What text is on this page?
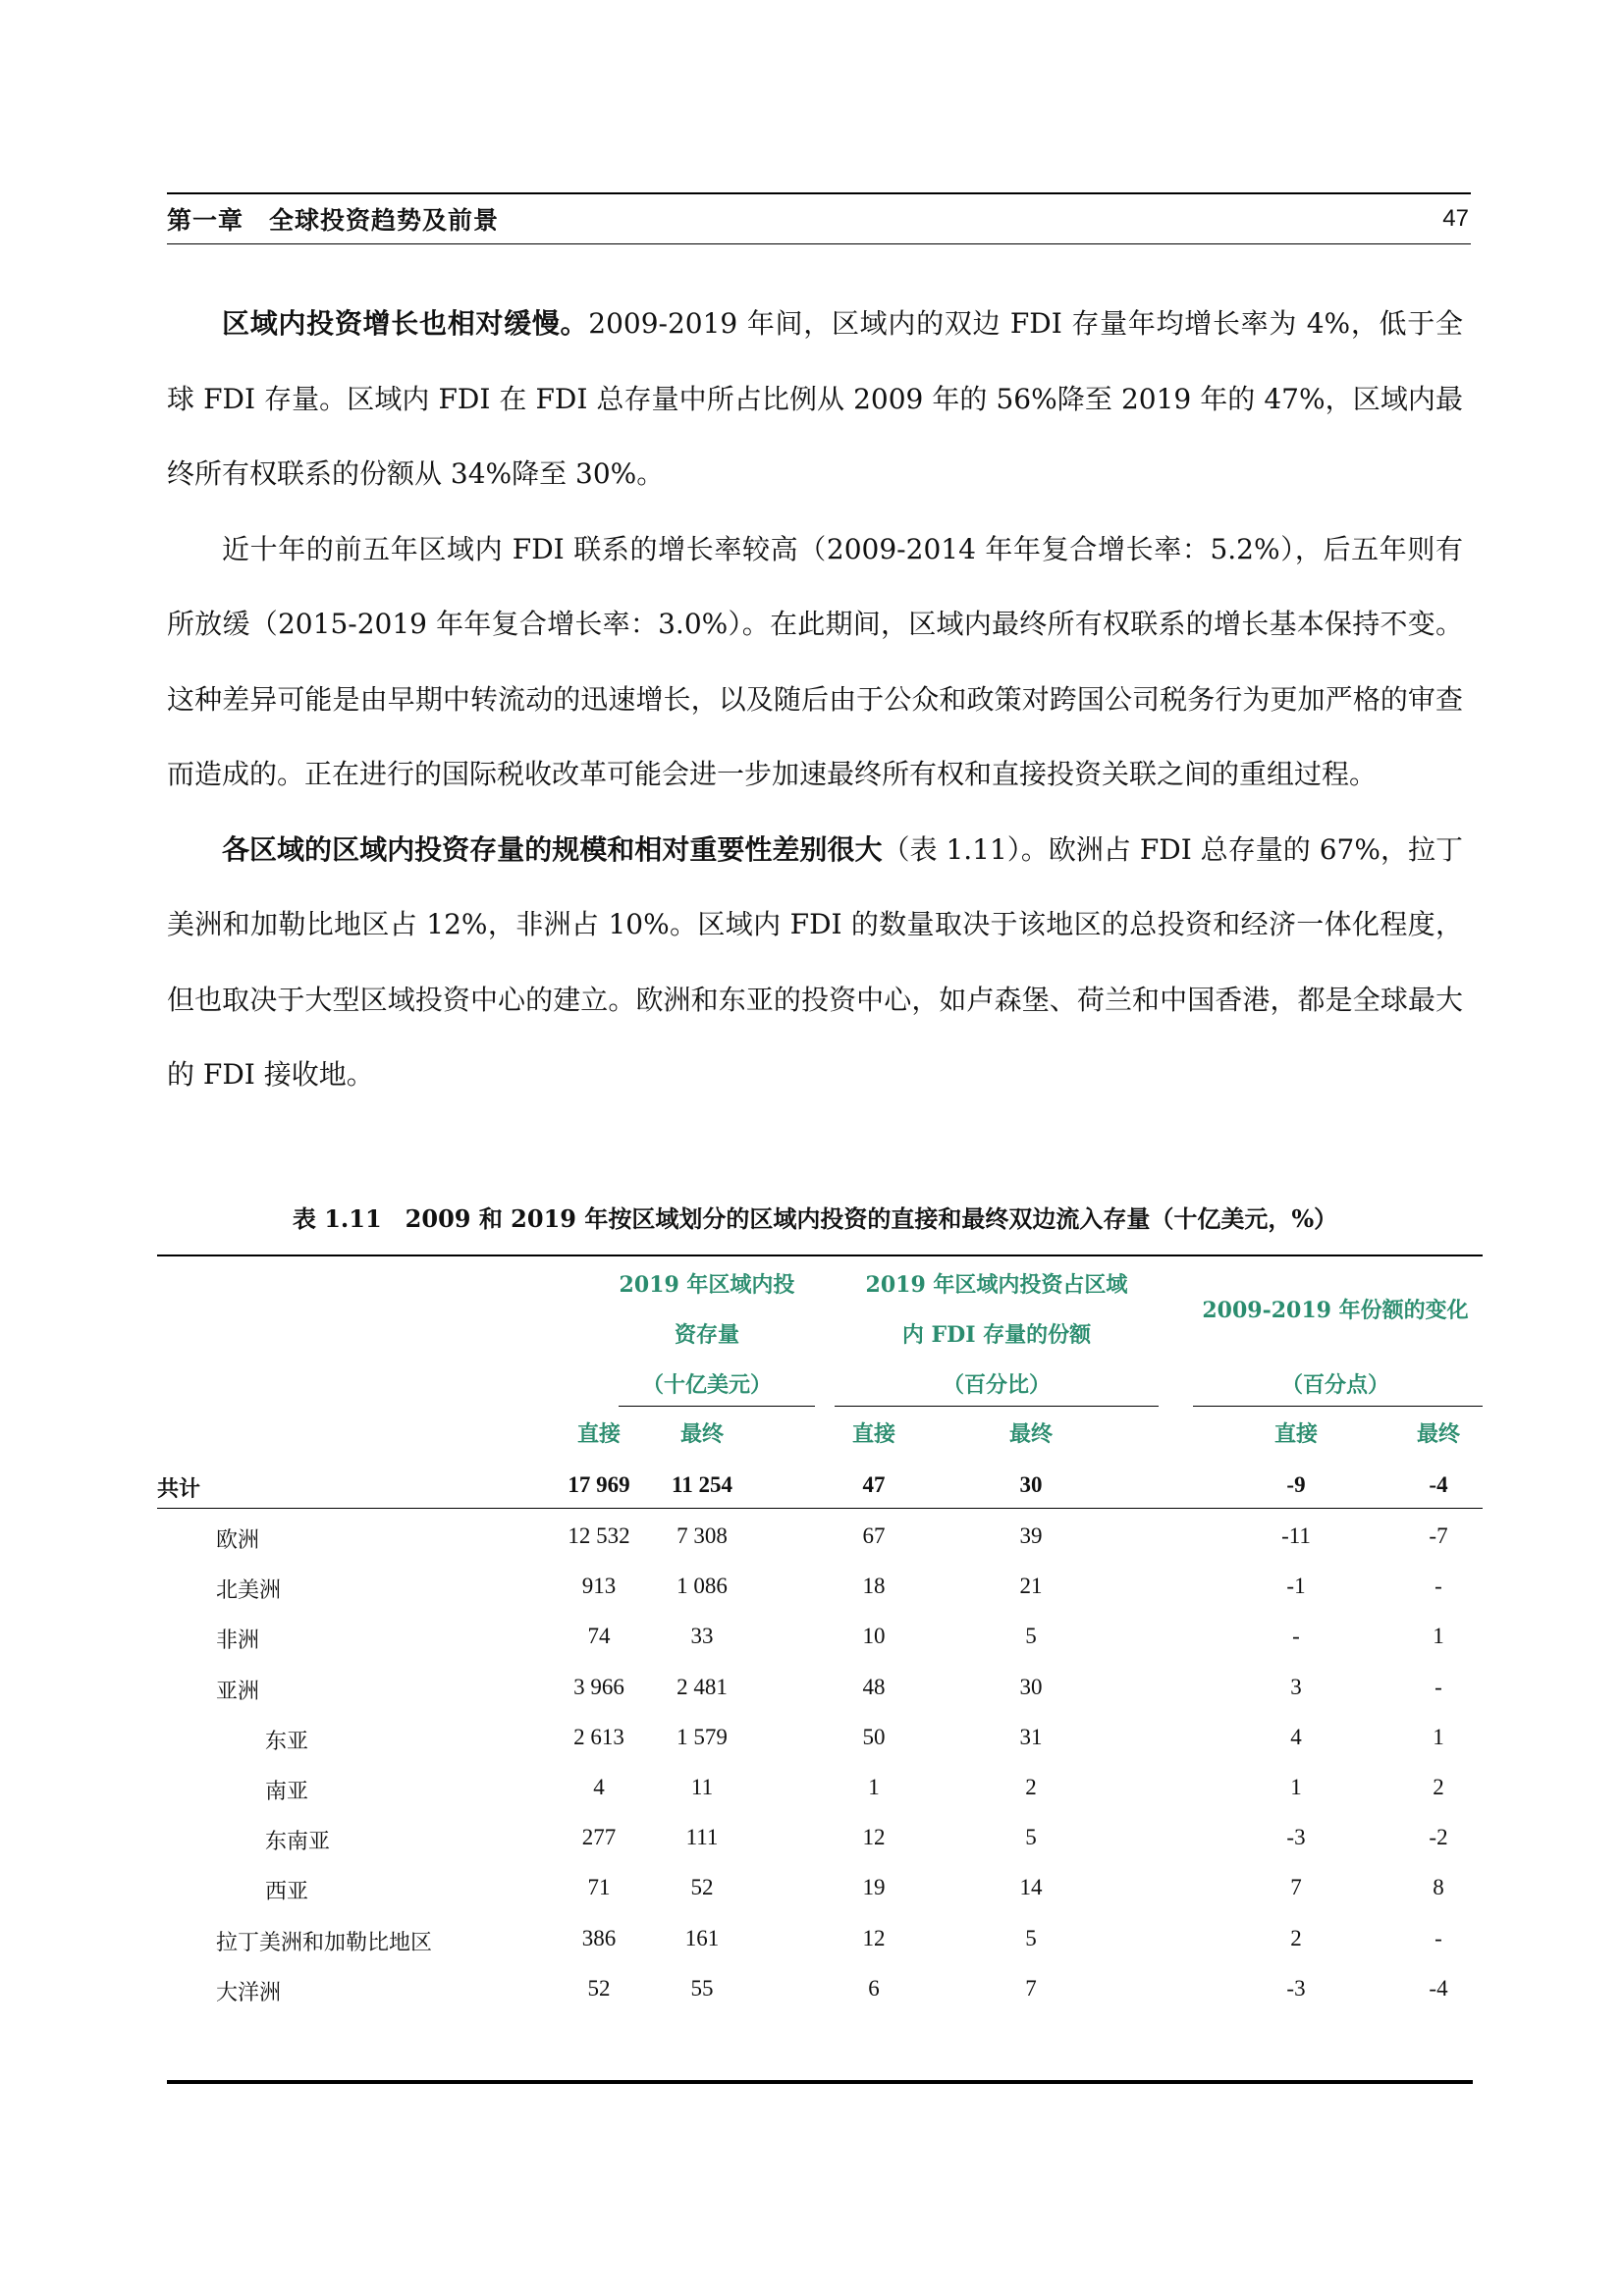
第一章　全球投资趋势及前景	47

区域内投资增长也相对缓慢。2009-2019 年间，区域内的双边 FDI 存量年均增长率为 4%，低于全球 FDI 存量。区域内 FDI 在 FDI 总存量中所占比例从 2009 年的 56%降至 2019 年的 47%，区域内最终所有权联系的份额从 34%降至 30%。

近十年的前五年区域内 FDI 联系的增长率较高（2009-2014 年年复合增长率：5.2%），后五年则有所放缓（2015-2019 年年复合增长率：3.0%）。在此期间，区域内最终所有权联系的增长基本保持不变。这种差异可能是由早期中转流动的迅速增长，以及随后由于公众和政策对跨国公司税务行为更加严格的审查而造成的。正在进行的国际税收改革可能会进一步加速最终所有权和直接投资关联之间的重组过程。

各区域的区域内投资存量的规模和相对重要性差别很大（表 1.11）。欧洲占 FDI 总存量的 67%，拉丁美洲和加勒比地区占 12%，非洲占 10%。区域内 FDI 的数量取决于该地区的总投资和经济一体化程度，但也取决于大型区域投资中心的建立。欧洲和东亚的投资中心，如卢森堡、荷兰和中国香港，都是全球最大的 FDI 接收地。

表 1.11　2009 和 2019 年按区域划分的区域内投资的直接和最终双边流入存量（十亿美元，%）
2019 年区域内投
资存量
（十亿美元）
2019 年区域内投资占区域
内 FDI 存量的份额
（百分比）
2009-2019 年份额的变化
（百分点）
直接	最终	直接	最终	直接	最终
共计	17 969	11 254	47	30	-9	-4
欧洲	12 532	7 308	67	39	-11	-7
北美洲	913	1 086	18	21	-1	-
非洲	74	33	10	5	-	1
亚洲	3 966	2 481	48	30	3	-
东亚	2 613	1 579	50	31	4	1
南亚	4	11	1	2	1	2
东南亚	277	111	12	5	-3	-2
西亚	71	52	19	14	7	8
拉丁美洲和加勒比地区	386	161	12	5	2	-
大洋洲	52	55	6	7	-3	-4
